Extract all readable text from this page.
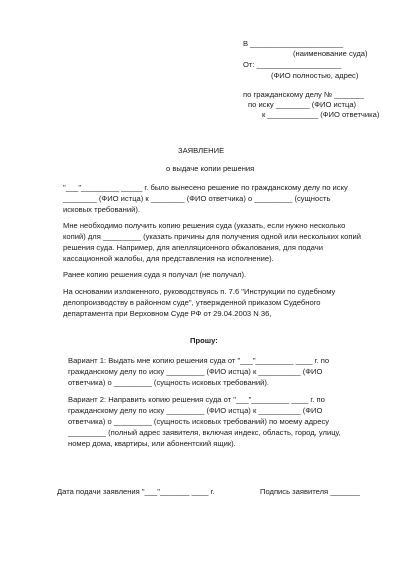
В ______________________
(наименование суда)
От: ____________________
(ФИО полностью, адрес)
по гражданскому делу № _______
по иску ________ (ФИО истца)
к ____________ (ФИО ответчика)
ЗАЯВЛЕНИЕ
о выдаче копии решения
"___"_________ _____ г. было вынесено решение по гражданскому делу по иску
________ (ФИО истца) к ________ (ФИО ответчика) о _________ (сущность
исковых требований).
Мне необходимо получить копию решения суда (указать, если нужно несколько
копий) для _________ (указать причины для получения одной или нескольких копий
решения суда. Например, для апелляционного обжалования, для подачи
кассационной жалобы, для представления на исполнение).
Ранее копию решения суда я получал (не получал).
На основании изложенного, руководствуясь п. 7.6 "Инструкции по судебному
делопроизводству в районном суде", утвержденной приказом Судебного
департамента при Верховном Суде РФ от 29.04.2003 N 36,
Прошу:
Вариант 1: Выдать мне копию решения суда от "___"_________ ____ г. по
гражданскому делу по иску _________ (ФИО истца) к __________ (ФИО
ответчика) о _________ (сущность исковых требований).
Вариант 2: Направить копию решения суда от "___"_________ ____ г. по
гражданскому делу по иску _________ (ФИО истца) к __________ (ФИО
ответчика) о _________ (сущность исковых требований) по моему адресу
_________ (полный адрес заявителя, включая индекс, область, город, улицу,
номер дома, квартиры, или абонентский ящик).
Дата подачи заявления "___"_______ ____ г.	Подпись заявителя _______
